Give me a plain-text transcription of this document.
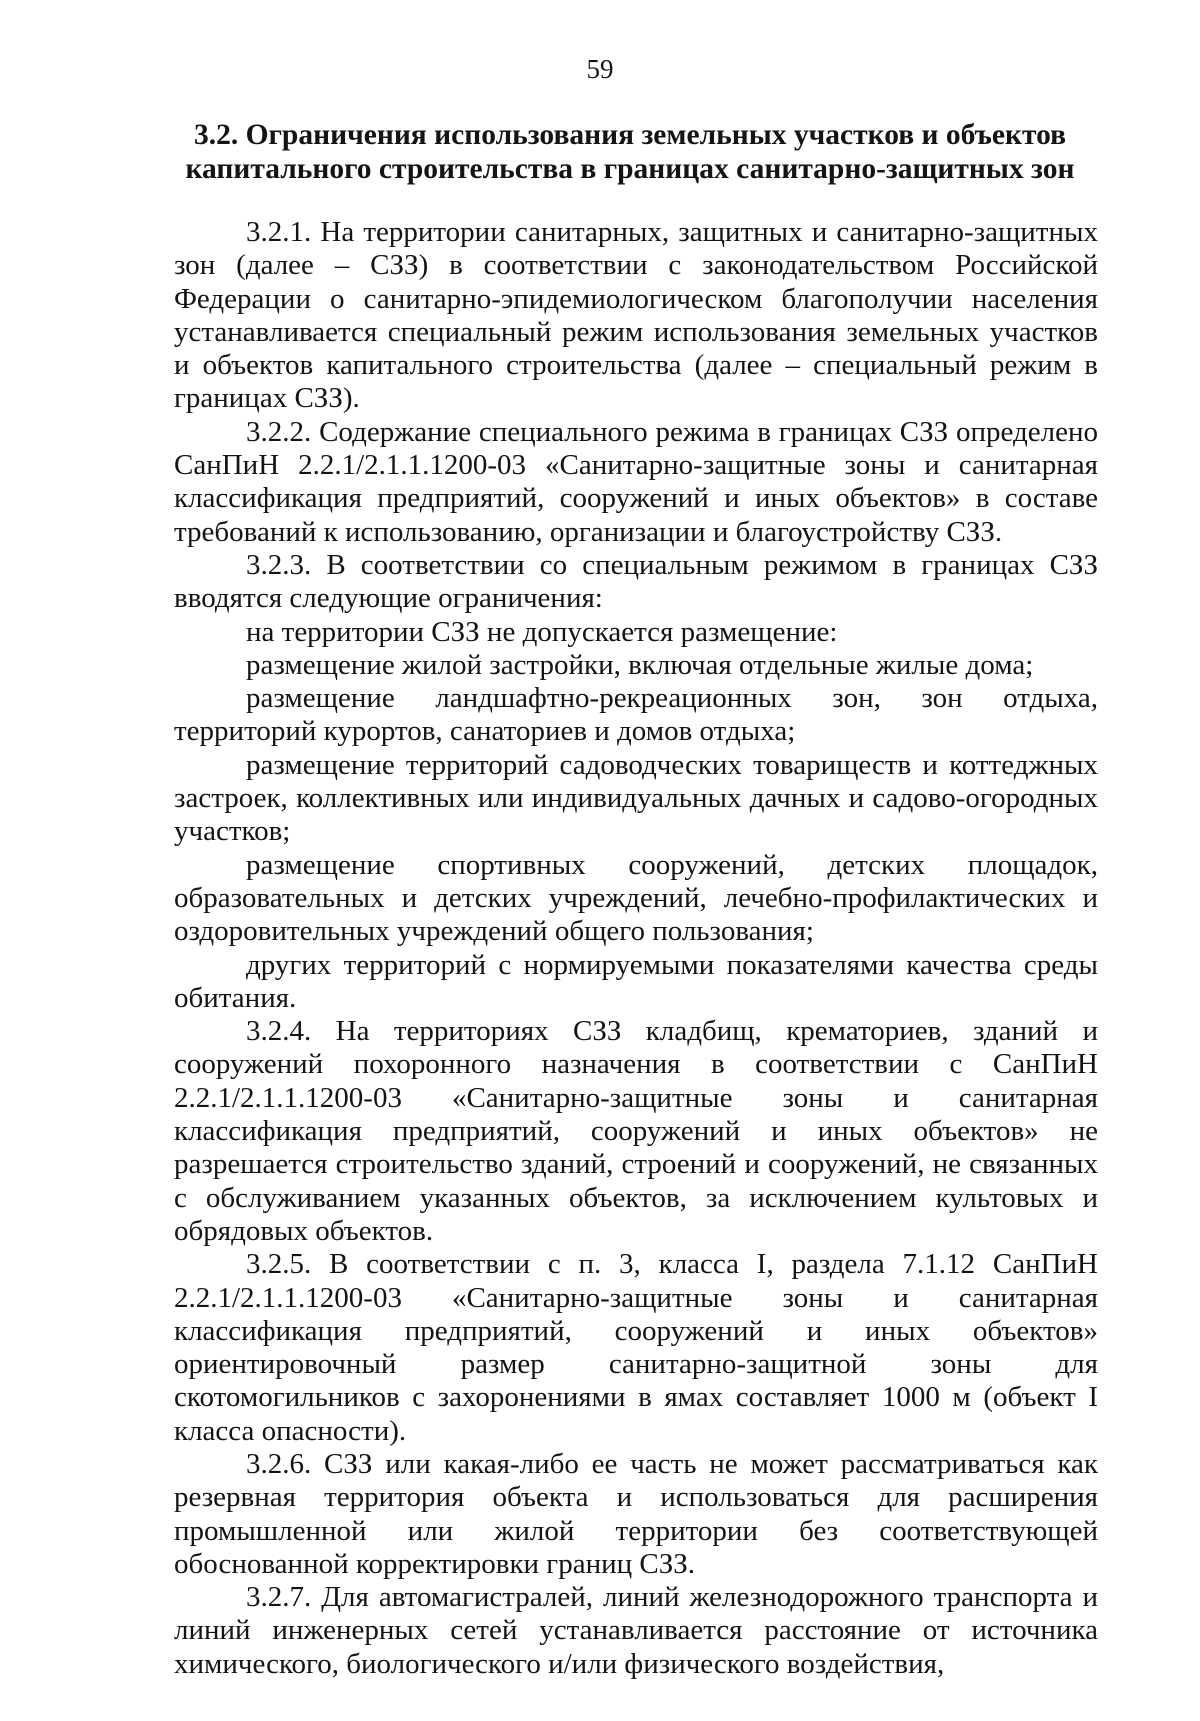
59
3.2. Ограничения использования земельных участков и объектов капитального строительства в границах санитарно-защитных зон

3.2.1. На территории санитарных, защитных и санитарно-защитных зон (далее – СЗЗ) в соответствии с законодательством Российской Федерации о санитарно-эпидемиологическом благополучии населения устанавливается специальный режим использования земельных участков и объектов капитального строительства (далее – специальный режим в границах СЗЗ).

3.2.2. Содержание специального режима в границах СЗЗ определено СанПиН 2.2.1/2.1.1.1200-03 «Санитарно-защитные зоны и санитарная классификация предприятий, сооружений и иных объектов» в составе требований к использованию, организации и благоустройству СЗЗ.

3.2.3. В соответствии со специальным режимом в границах СЗЗ вводятся следующие ограничения:

на территории СЗЗ не допускается размещение:

размещение жилой застройки, включая отдельные жилые дома;

размещение ландшафтно-рекреационных зон, зон отдыха, территорий курортов, санаториев и домов отдыха;

размещение территорий садоводческих товариществ и коттеджных застроек, коллективных или индивидуальных дачных и садово-огородных участков;

размещение спортивных сооружений, детских площадок, образовательных и детских учреждений, лечебно-профилактических и оздоровительных учреждений общего пользования;

других территорий с нормируемыми показателями качества среды обитания.

3.2.4. На территориях СЗЗ кладбищ, крематориев, зданий и сооружений похоронного назначения в соответствии с СанПиН 2.2.1/2.1.1.1200-03 «Санитарно-защитные зоны и санитарная классификация предприятий, сооружений и иных объектов» не разрешается строительство зданий, строений и сооружений, не связанных с обслуживанием указанных объектов, за исключением культовых и обрядовых объектов.

3.2.5. В соответствии с п. 3, класса I, раздела 7.1.12 СанПиН 2.2.1/2.1.1.1200-03 «Санитарно-защитные зоны и санитарная классификация предприятий, сооружений и иных объектов» ориентировочный размер санитарно-защитной зоны для скотомогильников с захоронениями в ямах составляет 1000 м (объект I класса опасности).

3.2.6. СЗЗ или какая-либо ее часть не может рассматриваться как резервная территория объекта и использоваться для расширения промышленной или жилой территории без соответствующей обоснованной корректировки границ СЗЗ.

3.2.7. Для автомагистралей, линий железнодорожного транспорта и линий инженерных сетей устанавливается расстояние от источника химического, биологического и/или физического воздействия,
